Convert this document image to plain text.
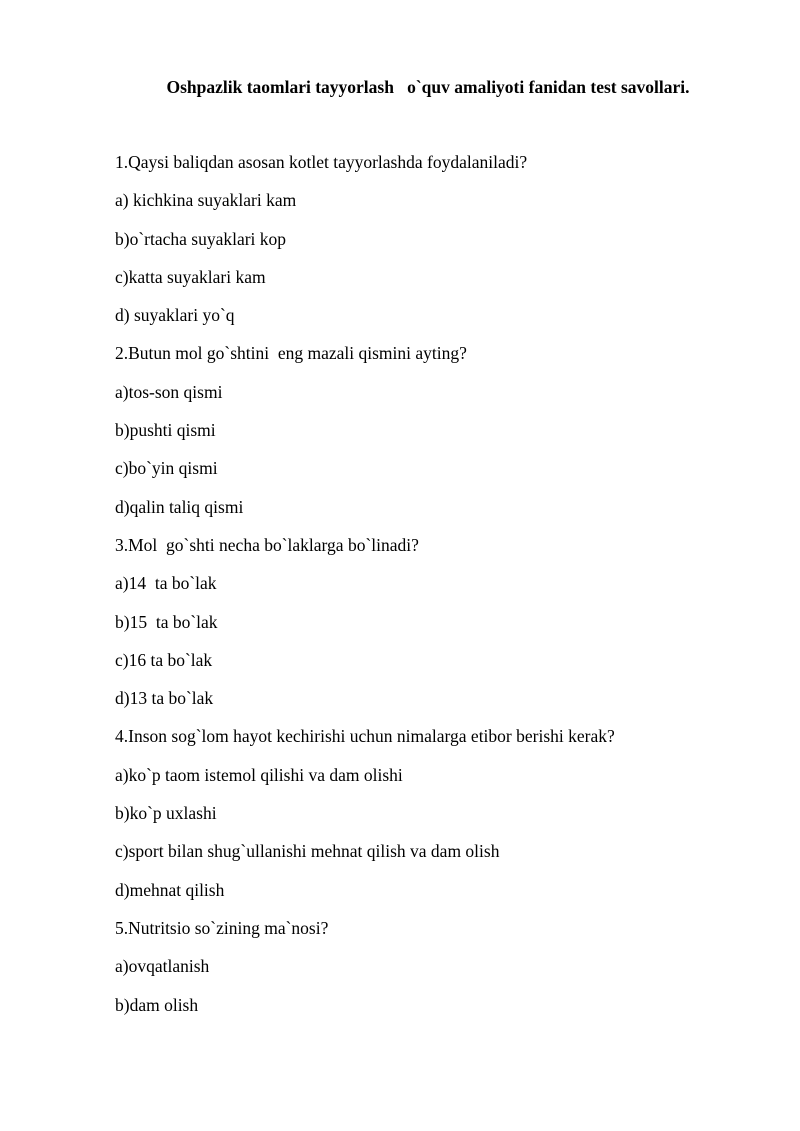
Oshpazlik taomlari tayyorlash   o`quv amaliyoti fanidan test savollari.
1.Qaysi baliqdan asosan kotlet tayyorlashda foydalaniladi?
a) kichkina suyaklari kam
b)o`rtacha suyaklari kop
c)katta suyaklari kam
d) suyaklari yo`q
2.Butun mol go`shtini  eng mazali qismini ayting?
a)tos-son qismi
b)pushti qismi
c)bo`yin qismi
d)qalin taliq qismi
3.Mol  go`shti necha bo`laklarga bo`linadi?
a)14  ta bo`lak
b)15  ta bo`lak
c)16 ta bo`lak
d)13 ta bo`lak
4.Inson sog`lom hayot kechirishi uchun nimalarga etibor berishi kerak?
a)ko`p taom istemol qilishi va dam olishi
b)ko`p uxlashi
c)sport bilan shug`ullanishi mehnat qilish va dam olish
d)mehnat qilish
5.Nutritsio so`zining ma`nosi?
a)ovqatlanish
b)dam olish
